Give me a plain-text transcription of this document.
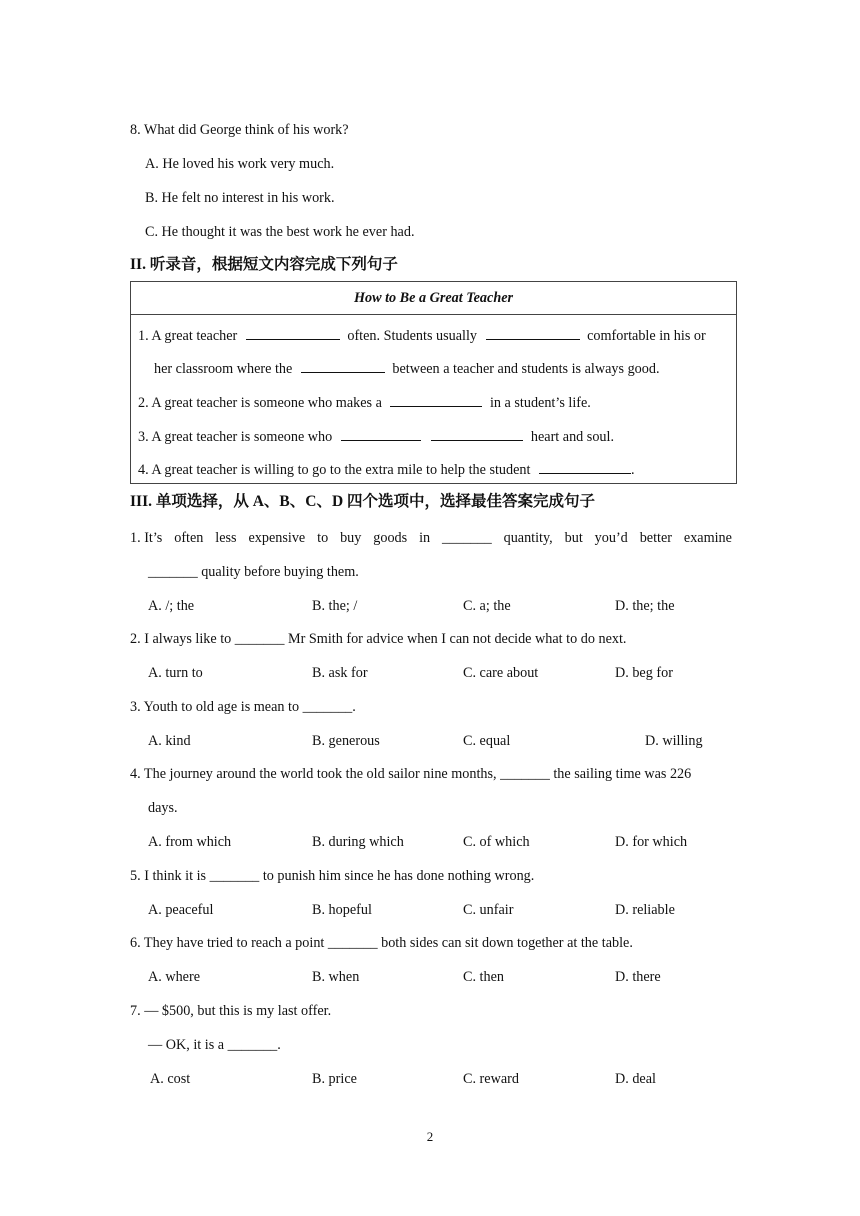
8. What did George think of his work?
A. He loved his work very much.
B. He felt no interest in his work.
C. He thought it was the best work he ever had.
II. 听录音，根据短文内容完成下列句子
How to Be a Great Teacher
1. A great teacher	often. Students usually	comfortable in his or
her classroom where the	between a teacher and students is always good.
2. A great teacher is someone who makes a	in a student’s life.
3. A great teacher is someone who	heart and soul.
4. A great teacher is willing to go to the extra mile to help the student	.
III. 单项选择，从 A、B、C、D 四个选项中，选择最佳答案完成句子
1. It’s often less expensive to buy goods in _______ quantity, but you’d better examine
_______ quality before buying them.
A. /; the	B. the; /	C. a; the	D. the; the
2. I always like to _______ Mr Smith for advice when I can not decide what to do next.
A. turn to	B. ask for	C. care about	D. beg for
3. Youth to old age is mean to _______.
A. kind	B. generous	C. equal	D. willing
4. The journey around the world took the old sailor nine months, _______ the sailing time was 226
days.
A. from which	B. during which	C. of which	D. for which
5. I think it is _______ to punish him since he has done nothing wrong.
A. peaceful	B. hopeful	C. unfair	D. reliable
6. They have tried to reach a point _______ both sides can sit down together at the table.
A. where	B. when	C. then	D. there
7. — $500, but this is my last offer.
— OK, it is a _______.
A. cost	B. price	C. reward	D. deal
2
